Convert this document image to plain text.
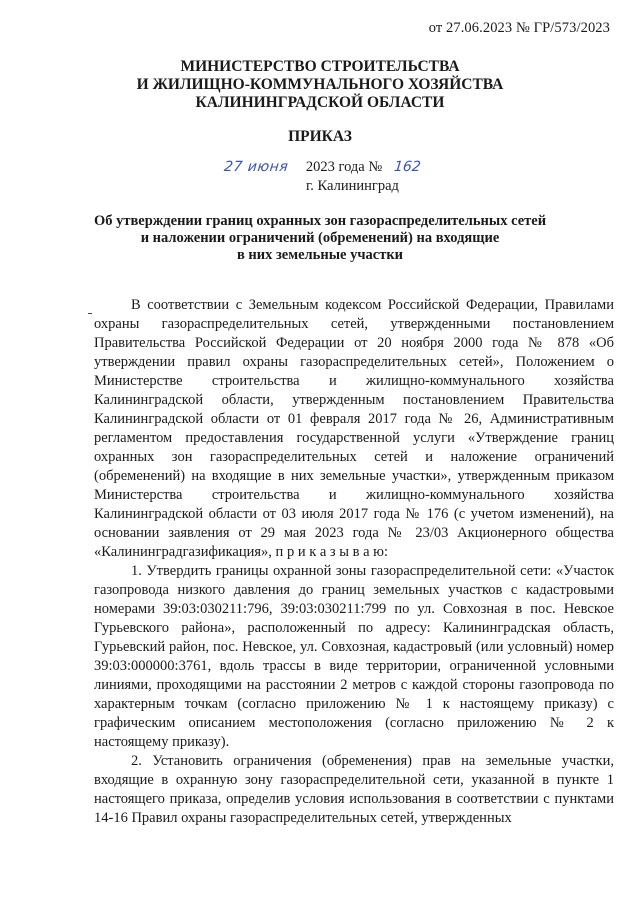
от 27.06.2023 № ГР/573/2023
МИНИСТЕРСТВО СТРОИТЕЛЬСТВА
И ЖИЛИЩНО-КОММУНАЛЬНОГО ХОЗЯЙСТВА
КАЛИНИНГРАДСКОЙ ОБЛАСТИ
ПРИКАЗ
27 июня 2023 года № 162
г. Калининград
Об утверждении границ охранных зон газораспределительных сетей
и наложении ограничений (обременений) на входящие
в них земельные участки

В соответствии с Земельным кодексом Российской Федерации, Правилами охраны газораспределительных сетей, утвержденными постановлением Правительства Российской Федерации от 20 ноября 2000 года № 878 «Об утверждении правил охраны газораспределительных сетей», Положением о Министерстве строительства и жилищно-коммунального хозяйства Калининградской области, утвержденным постановлением Правительства Калининградской области от 01 февраля 2017 года № 26, Административным регламентом предоставления государственной услуги «Утверждение границ охранных зон газораспределительных сетей и наложение ограничений (обременений) на входящие в них земельные участки», утвержденным приказом Министерства строительства и жилищно-коммунального хозяйства Калининградской области от 03 июля 2017 года № 176 (с учетом изменений), на основании заявления от 29 мая 2023 года № 23/03 Акционерного общества «Калининградгазификация», п р и к а з ы в а ю:

1. Утвердить границы охранной зоны газораспределительной сети: «Участок газопровода низкого давления до границ земельных участков с кадастровыми номерами 39:03:030211:796, 39:03:030211:799 по ул. Совхозная в пос. Невское Гурьевского района», расположенный по адресу: Калининградская область, Гурьевский район, пос. Невское, ул. Совхозная, кадастровый (или условный) номер 39:03:000000:3761, вдоль трассы в виде территории, ограниченной условными линиями, проходящими на расстоянии 2 метров с каждой стороны газопровода по характерным точкам (согласно приложению № 1 к настоящему приказу) с графическим описанием местоположения (согласно приложению № 2 к настоящему приказу).

2. Установить ограничения (обременения) прав на земельные участки, входящие в охранную зону газораспределительной сети, указанной в пункте 1 настоящего приказа, определив условия использования в соответствии с пунктами 14-16 Правил охраны газораспределительных сетей, утвержденных
